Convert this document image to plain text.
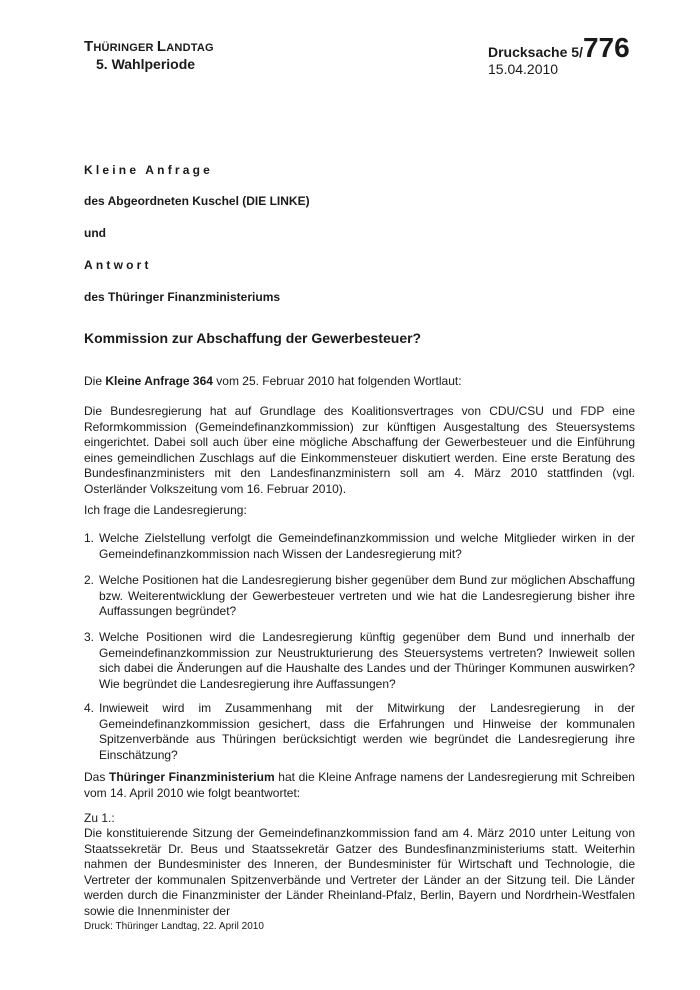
THÜRINGER LANDTAG
5. Wahlperiode
Drucksache 5/776
15.04.2010
Kleine Anfrage
des Abgeordneten Kuschel (DIE LINKE)
und
Antwort
des Thüringer Finanzministeriums
Kommission zur Abschaffung der Gewerbesteuer?
Die Kleine Anfrage 364 vom 25. Februar 2010 hat folgenden Wortlaut:
Die Bundesregierung hat auf Grundlage des Koalitionsvertrages von CDU/CSU und FDP eine Reformkommission (Gemeindefinanzkommission) zur künftigen Ausgestaltung des Steuersystems eingerichtet. Dabei soll auch über eine mögliche Abschaffung der Gewerbesteuer und die Einführung eines gemeindlichen Zuschlags auf die Einkommensteuer diskutiert werden. Eine erste Beratung des Bundesfinanzministers mit den Landesfinanzministern soll am 4. März 2010 stattfinden (vgl. Osterländer Volkszeitung vom 16. Februar 2010).
Ich frage die Landesregierung:
1. Welche Zielstellung verfolgt die Gemeindefinanzkommission und welche Mitglieder wirken in der Gemeindefinanzkommission nach Wissen der Landesregierung mit?
2. Welche Positionen hat die Landesregierung bisher gegenüber dem Bund zur möglichen Abschaffung bzw. Weiterentwicklung der Gewerbesteuer vertreten und wie hat die Landesregierung bisher ihre Auffassungen begründet?
3. Welche Positionen wird die Landesregierung künftig gegenüber dem Bund und innerhalb der Gemeindefinanzkommission zur Neustrukturierung des Steuersystems vertreten? Inwieweit sollen sich dabei die Änderungen auf die Haushalte des Landes und der Thüringer Kommunen auswirken? Wie begründet die Landesregierung ihre Auffassungen?
4. Inwieweit wird im Zusammenhang mit der Mitwirkung der Landesregierung in der Gemeindefinanzkommission gesichert, dass die Erfahrungen und Hinweise der kommunalen Spitzenverbände aus Thüringen berücksichtigt werden wie begründet die Landesregierung ihre Einschätzung?
Das Thüringer Finanzministerium hat die Kleine Anfrage namens der Landesregierung mit Schreiben vom 14. April 2010 wie folgt beantwortet:
Zu 1.:
Die konstituierende Sitzung der Gemeindefinanzkommission fand am 4. März 2010 unter Leitung von Staatssekretär Dr. Beus und Staatssekretär Gatzer des Bundesfinanzministeriums statt. Weiterhin nahmen der Bundesminister des Inneren, der Bundesminister für Wirtschaft und Technologie, die Vertreter der kommunalen Spitzenverbände und Vertreter der Länder an der Sitzung teil. Die Länder werden durch die Finanzminister der Länder Rheinland-Pfalz, Berlin, Bayern und Nordrhein-Westfalen sowie die Innenminister der
Druck: Thüringer Landtag, 22. April 2010
